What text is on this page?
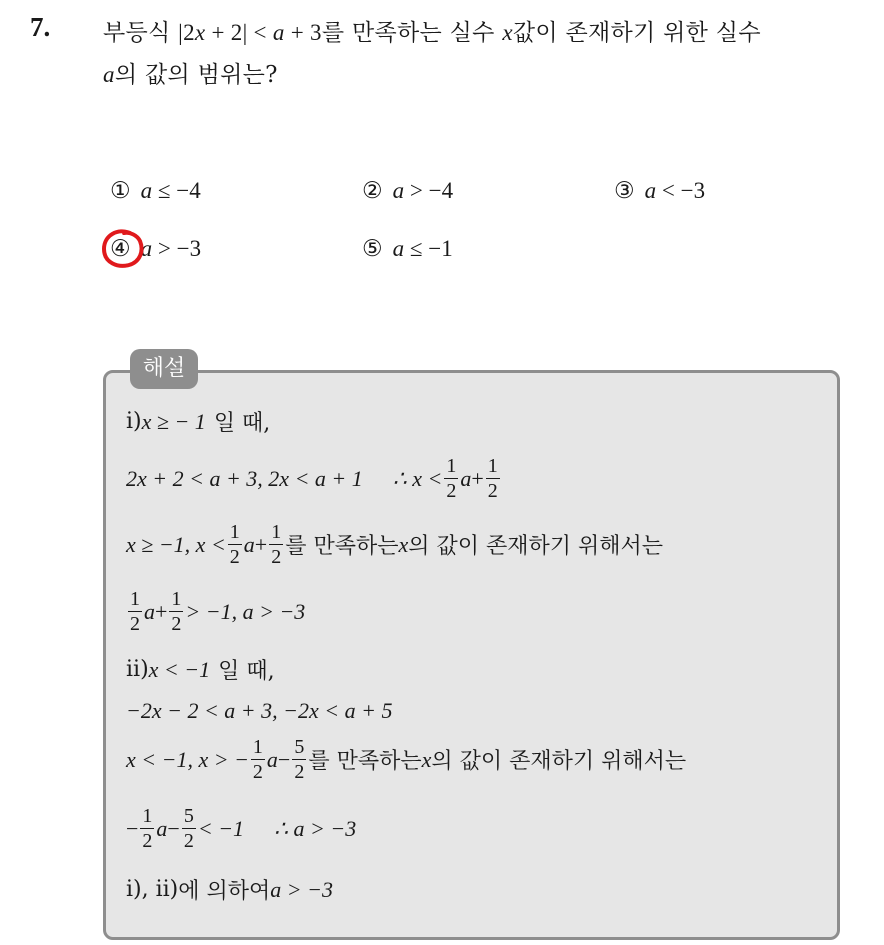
7. 부등식 |2x + 2| < a + 3를 만족하는 실수 x값이 존재하기 위한 실수
a의 값의 범위는?
① a ≤ −4	② a > −4	③ a < −3
④ a > −3	⑤ a ≤ −1
해설
ⅰ) x ≥ − 1 일 때,
2x + 2 < a + 3, 2x < a + 1 ∴ $x < \frac{1}{2}$ $a + \frac{1}{2}$
x ≥ −1, $x < \frac{1}{2}$ $a + \frac{1}{2}$ 를 만족하는 x 의 값이 존재하기 위해서는
$\frac{1}{2}$ $a + \frac{1}{2} > -1$, a > −3
ⅱ) x < −1 일 때,
−2x − 2 < a + 3, −2x < a + 5
x < −1, x > − $\frac{1}{2}$ $a - \frac{5}{2}$ 를 만족하는 x 의 값이 존재하기 위해서는
− $\frac{1}{2}$ $a - \frac{5}{2} < -1$ ∴ a > −3
ⅰ), ⅱ) 에 의하여 a > −3
